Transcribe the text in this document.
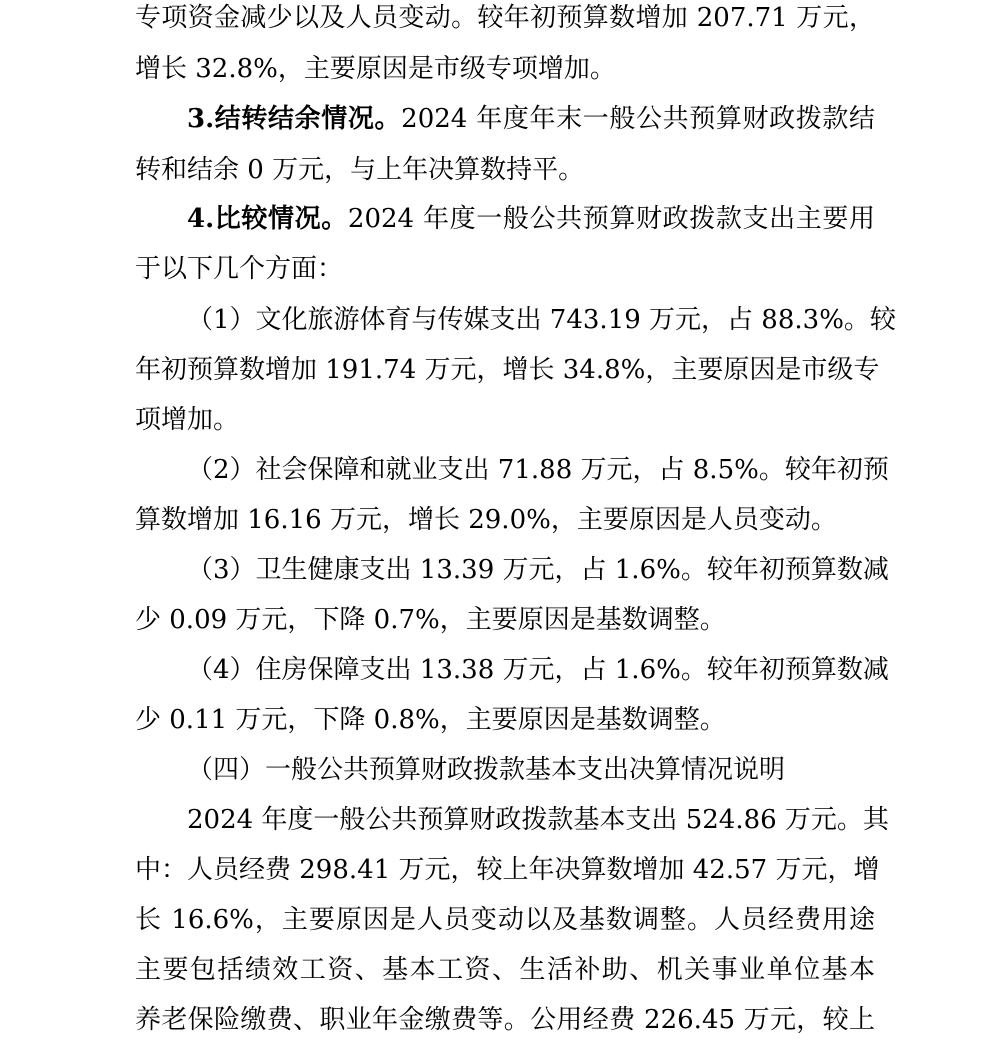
专项资金减少以及人员变动。较年初预算数增加 207.71 万元，
增长 32.8%，主要原因是市级专项增加。
3.结转结余情况。2024 年度年末一般公共预算财政拨款结
转和结余 0 万元，与上年决算数持平。
4.比较情况。2024 年度一般公共预算财政拨款支出主要用
于以下几个方面：
（1）文化旅游体育与传媒支出 743.19 万元，占 88.3%。较
年初预算数增加 191.74 万元，增长 34.8%，主要原因是市级专
项增加。
（2）社会保障和就业支出 71.88 万元，占 8.5%。较年初预
算数增加 16.16 万元，增长 29.0%，主要原因是人员变动。
（3）卫生健康支出 13.39 万元，占 1.6%。较年初预算数减
少 0.09 万元，下降 0.7%，主要原因是基数调整。
（4）住房保障支出 13.38 万元，占 1.6%。较年初预算数减
少 0.11 万元，下降 0.8%，主要原因是基数调整。
（四）一般公共预算财政拨款基本支出决算情况说明
2024 年度一般公共预算财政拨款基本支出 524.86 万元。其
中：人员经费 298.41 万元，较上年决算数增加 42.57 万元，增
长 16.6%，主要原因是人员变动以及基数调整。人员经费用途
主要包括绩效工资、基本工资、生活补助、机关事业单位基本
养老保险缴费、职业年金缴费等。公用经费 226.45 万元，较上
